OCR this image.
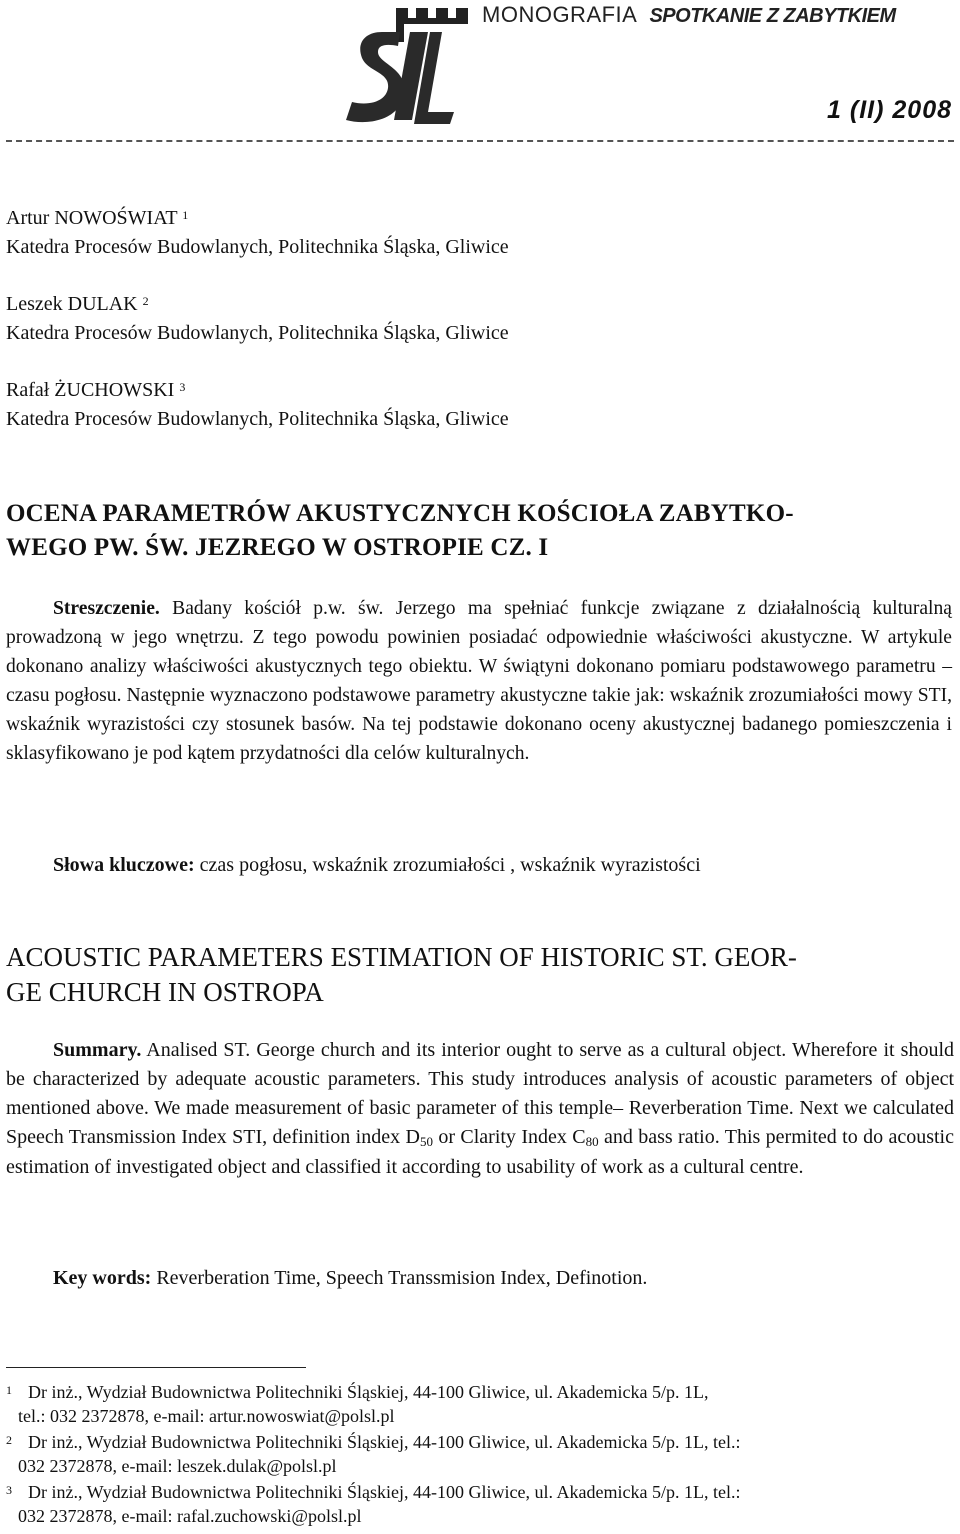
MONOGRAFIA SPOTKANIE Z ZABYTKIEM
1 (II) 2008
Artur NOWOŚWIAT $^1$
Katedra Procesów Budowlanych, Politechnika Śląska, Gliwice
Leszek DULAK $^2$
Katedra Procesów Budowlanych, Politechnika Śląska, Gliwice
Rafał ŻUCHOWSKI $^3$
Katedra Procesów Budowlanych, Politechnika Śląska, Gliwice
OCENA PARAMETRÓW AKUSTYCZNYCH KOŚCIOŁA ZABYTKO-
WEGO PW. ŚW. JEZREGO W OSTROPIE CZ. I
Streszczenie. Badany kościół p.w. św. Jerzego ma spełniać funkcje związane z działalnością kulturalną prowadzoną w jego wnętrzu. Z tego powodu powinien posiadać odpowiednie właściwości akustyczne. W artykule dokonano analizy właściwości akustycznych tego obiektu. W świątyni dokonano pomiaru podstawowego parametru – czasu pogłosu. Następnie wyznaczono podstawowe parametry akustyczne takie jak: wskaźnik zrozumiałości mowy STI, wskaźnik wyrazistości czy stosunek basów. Na tej podstawie dokonano oceny akustycznej badanego pomieszczenia i sklasyfikowano je pod kątem przydatności dla celów kulturalnych.
Słowa kluczowe: czas pogłosu, wskaźnik zrozumiałości , wskaźnik wyrazistości
ACOUSTIC PARAMETERS ESTIMATION OF HISTORIC ST. GEOR-
GE CHURCH IN OSTROPA
Summary. Analised ST. George church and its interior ought to serve as a cultural object. Wherefore it should be characterized by adequate acoustic parameters. This study introduces analysis of acoustic parameters of object mentioned above. We made measurement of basic parameter of this temple– Reverberation Time. Next we calculated Speech Transmission Index STI, definition index $D_{50}$ or Clarity Index $C_{80}$ and bass ratio. This permited to do acoustic estimation of investigated object and classified it according to usability of work as a cultural centre.
Key words: Reverberation Time, Speech Transsmision Index, Definotion.
1 Dr inż., Wydział Budownictwa Politechniki Śląskiej, 44-100 Gliwice, ul. Akademicka 5/p. 1L,
tel.: 032 2372878, e-mail: artur.nowoswiat@polsl.pl
2 Dr inż., Wydział Budownictwa Politechniki Śląskiej, 44-100 Gliwice, ul. Akademicka 5/p. 1L, tel.:
032 2372878, e-mail: leszek.dulak@polsl.pl
3 Dr inż., Wydział Budownictwa Politechniki Śląskiej, 44-100 Gliwice, ul. Akademicka 5/p. 1L, tel.:
032 2372878, e-mail: rafal.zuchowski@polsl.pl
